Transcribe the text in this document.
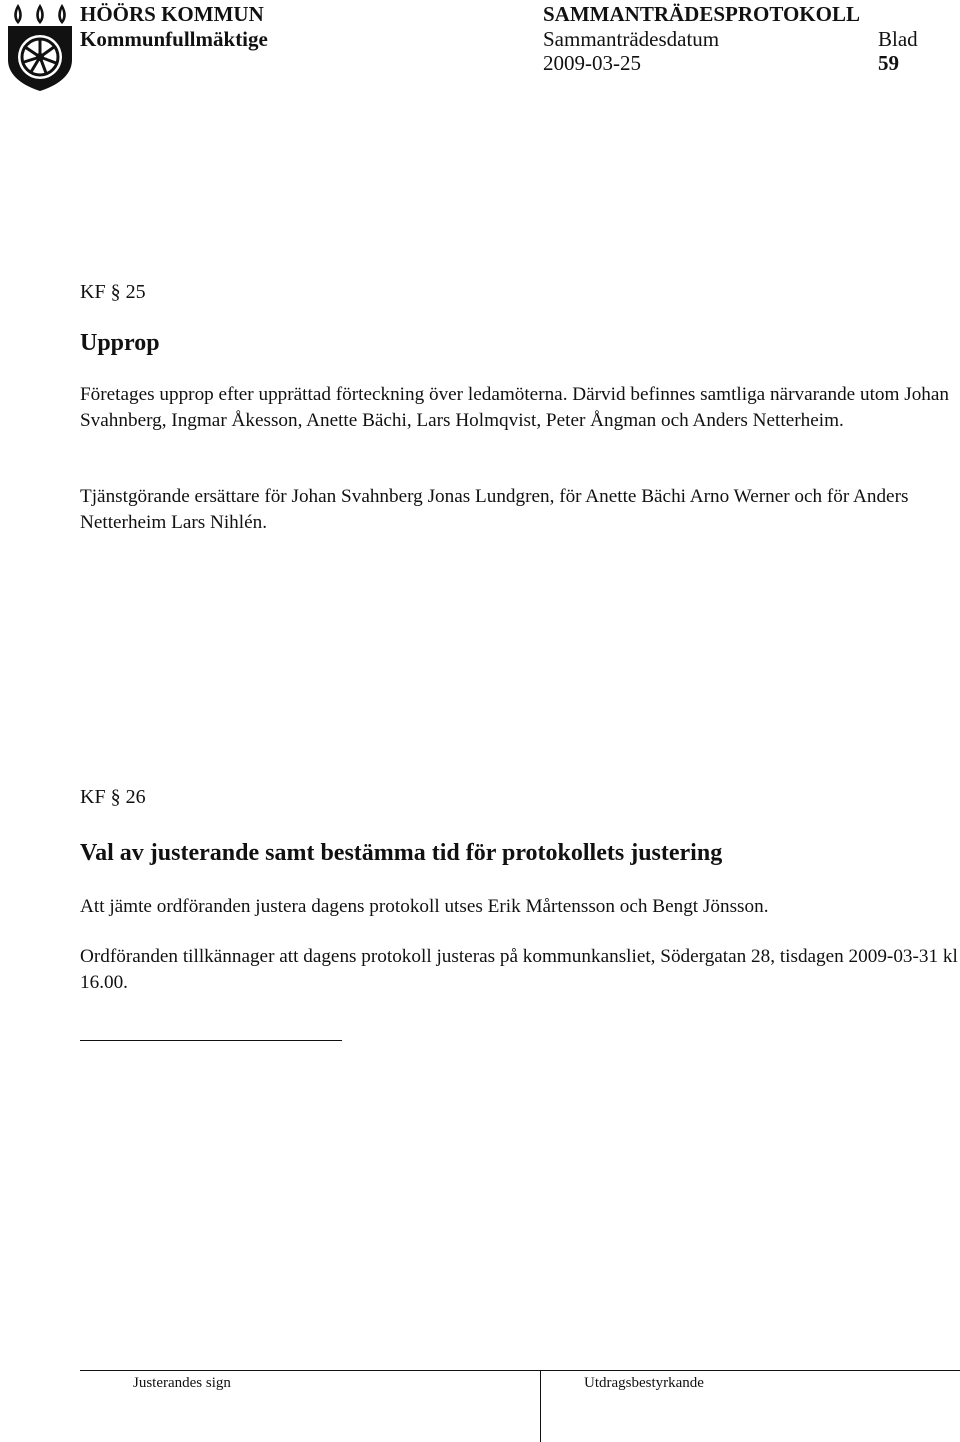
HÖÖRS KOMMUN
Kommunfullmäktige
SAMMANTRÄDESPROTOKOLL
Sammanträdesdatum
2009-03-25
Blad
59
KF § 25
Upprop
Företages upprop efter upprättad förteckning över ledamöterna. Därvid befinnes samtliga närvarande utom Johan Svahnberg, Ingmar Åkesson, Anette Bächi, Lars Holmqvist, Peter Ångman och Anders Netterheim.
Tjänstgörande ersättare för Johan Svahnberg Jonas Lundgren, för Anette Bächi Arno Werner och för Anders Netterheim Lars Nihlén.
KF § 26
Val av justerande samt bestämma tid för protokollets justering
Att jämte ordföranden justera dagens protokoll utses Erik Mårtensson och Bengt Jönsson.
Ordföranden tillkännager att dagens protokoll justeras på kommunkansliet, Södergatan 28, tisdagen 2009-03-31 kl 16.00.
Justerandes sign	Utdragsbestyrkande
